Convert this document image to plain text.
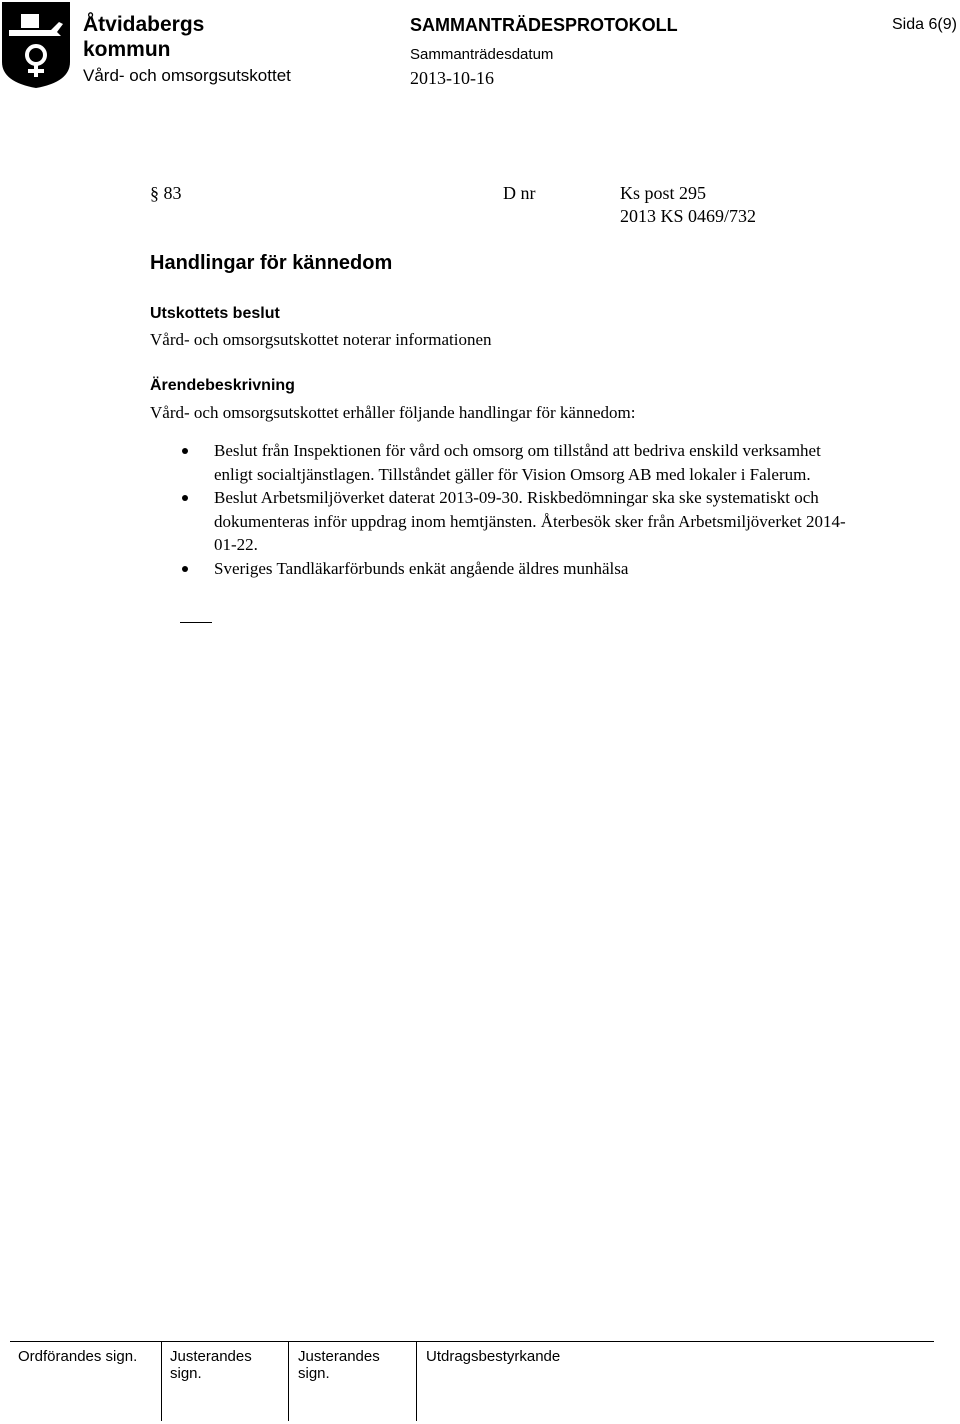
Åtvidabergs
kommun
Vård- och omsorgsutskottet
SAMMANTRÄDESPROTOKOLL
Sammanträdesdatum
2013-10-16
Sida 6(9)
§ 83	D nr	Ks post 295
2013 KS 0469/732
Handlingar för kännedom
Utskottets beslut
Vård- och omsorgsutskottet noterar informationen
Ärendebeskrivning
Vård- och omsorgsutskottet erhåller följande handlingar för kännedom:
Beslut från Inspektionen för vård och omsorg om tillstånd att bedriva enskild verksamhet enligt socialtjänstlagen. Tillståndet gäller för Vision Omsorg AB med lokaler i Falerum.
Beslut Arbetsmiljöverket daterat 2013-09-30. Riskbedömningar ska ske systematiskt och dokumenteras inför uppdrag inom hemtjänsten. Återbesök sker från Arbetsmiljöverket 2014-01-22.
Sveriges Tandläkarförbunds enkät angående äldres munhälsa
Ordförandes sign. Justerandes
sign.
Justerandes
sign.
Utdragsbestyrkande
